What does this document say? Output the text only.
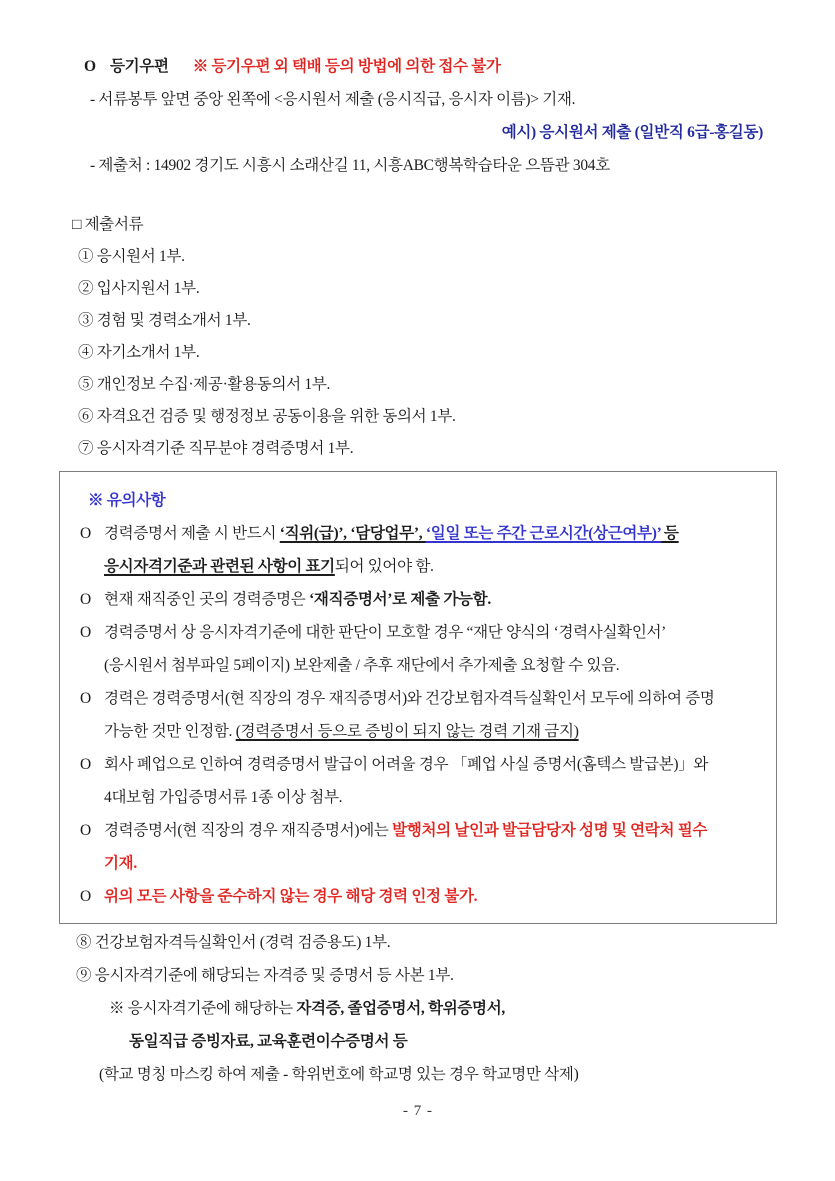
O 등기우편 ※ 등기우편 외 택배 등의 방법에 의한 접수 불가
- 서류봉투 앞면 중앙 왼쪽에 <응시원서 제출 (응시직급, 응시자 이름)> 기재.
예시) 응시원서 제출 (일반직 6급-홍길동)
- 제출처 : 14902 경기도 시흥시 소래산길 11, 시흥ABC행복학습타운 으뜸관 304호
□ 제출서류
① 응시원서 1부.
② 입사지원서 1부.
③ 경험 및 경력소개서 1부.
④ 자기소개서 1부.
⑤ 개인정보 수집·제공·활용동의서 1부.
⑥ 자격요건 검증 및 행정정보 공동이용을 위한 동의서 1부.
⑦ 응시자격기준 직무분야 경력증명서 1부.
※ 유의사항
O 경력증명서 제출 시 반드시 ‘직위(급)’, ‘담당업무’, ‘일일 또는 주간 근로시간(상근여부)’ 등
응시자격기준과 관련된 사항이 표기되어 있어야 함.
O 현재 재직중인 곳의 경력증명은 ‘재직증명서’로 제출 가능함.
O 경력증명서 상 응시자격기준에 대한 판단이 모호할 경우 “재단 양식의 ‘경력사실확인서’
(응시원서 첨부파일 5페이지) 보완제출 / 추후 재단에서 추가제출 요청할 수 있음.
O 경력은 경력증명서(현 직장의 경우 재직증명서)와 건강보험자격득실확인서 모두에 의하여 증명
가능한 것만 인정함. (경력증명서 등으로 증빙이 되지 않는 경력 기재 금지)
O 회사 폐업으로 인하여 경력증명서 발급이 어려울 경우 「폐업 사실 증명서(홈텍스 발급본)」와
4대보험 가입증명서류 1종 이상 첨부.
O 경력증명서(현 직장의 경우 재직증명서)에는 발행처의 날인과 발급담당자 성명 및 연락처 필수
기재.
O 위의 모든 사항을 준수하지 않는 경우 해당 경력 인정 불가.
⑧ 건강보험자격득실확인서 (경력 검증용도) 1부.
⑨ 응시자격기준에 해당되는 자격증 및 증명서 등 사본 1부.
※ 응시자격기준에 해당하는 자격증, 졸업증명서, 학위증명서,
동일직급 증빙자료, 교육훈련이수증명서 등
(학교 명칭 마스킹 하여 제출 - 학위번호에 학교명 있는 경우 학교명만 삭제)
- 7 -
